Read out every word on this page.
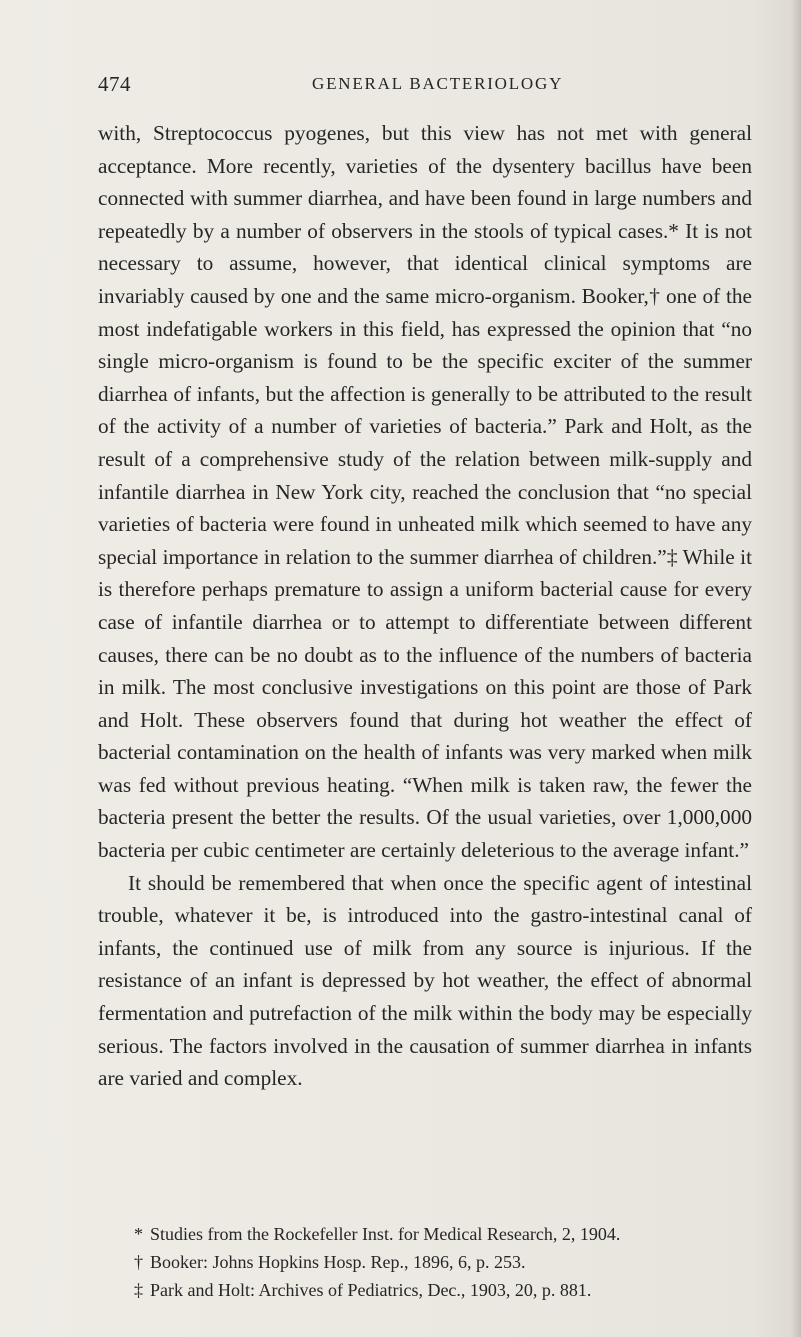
474	GENERAL BACTERIOLOGY

with, Streptococcus pyogenes, but this view has not met with general acceptance. More recently, varieties of the dysentery bacillus have been connected with summer diarrhea, and have been found in large numbers and repeatedly by a number of observers in the stools of typical cases.* It is not necessary to assume, however, that identical clinical symptoms are invariably caused by one and the same micro-organism. Booker,† one of the most indefatigable workers in this field, has expressed the opinion that “no single micro-organism is found to be the specific exciter of the summer diarrhea of infants, but the affection is generally to be attributed to the result of the activity of a number of varieties of bacteria.” Park and Holt, as the result of a comprehensive study of the relation between milk-supply and infantile diarrhea in New York city, reached the conclusion that “no special varieties of bacteria were found in unheated milk which seemed to have any special importance in relation to the summer diarrhea of children.”‡ While it is therefore perhaps premature to assign a uniform bacterial cause for every case of infantile diarrhea or to attempt to differentiate between different causes, there can be no doubt as to the influence of the numbers of bacteria in milk. The most conclusive investigations on this point are those of Park and Holt. These observers found that during hot weather the effect of bacterial contamination on the health of infants was very marked when milk was fed without previous heating. “When milk is taken raw, the fewer the bacteria present the better the results. Of the usual varieties, over 1,000,000 bacteria per cubic centimeter are certainly deleterious to the average infant.”

It should be remembered that when once the specific agent of intestinal trouble, whatever it be, is introduced into the gastro-intestinal canal of infants, the continued use of milk from any source is injurious. If the resistance of an infant is depressed by hot weather, the effect of abnormal fermentation and putrefaction of the milk within the body may be especially serious. The factors involved in the causation of summer diarrhea in infants are varied and complex.

* Studies from the Rockefeller Inst. for Medical Research, 2, 1904.

† Booker: Johns Hopkins Hosp. Rep., 1896, 6, p. 253.

‡ Park and Holt: Archives of Pediatrics, Dec., 1903, 20, p. 881.
